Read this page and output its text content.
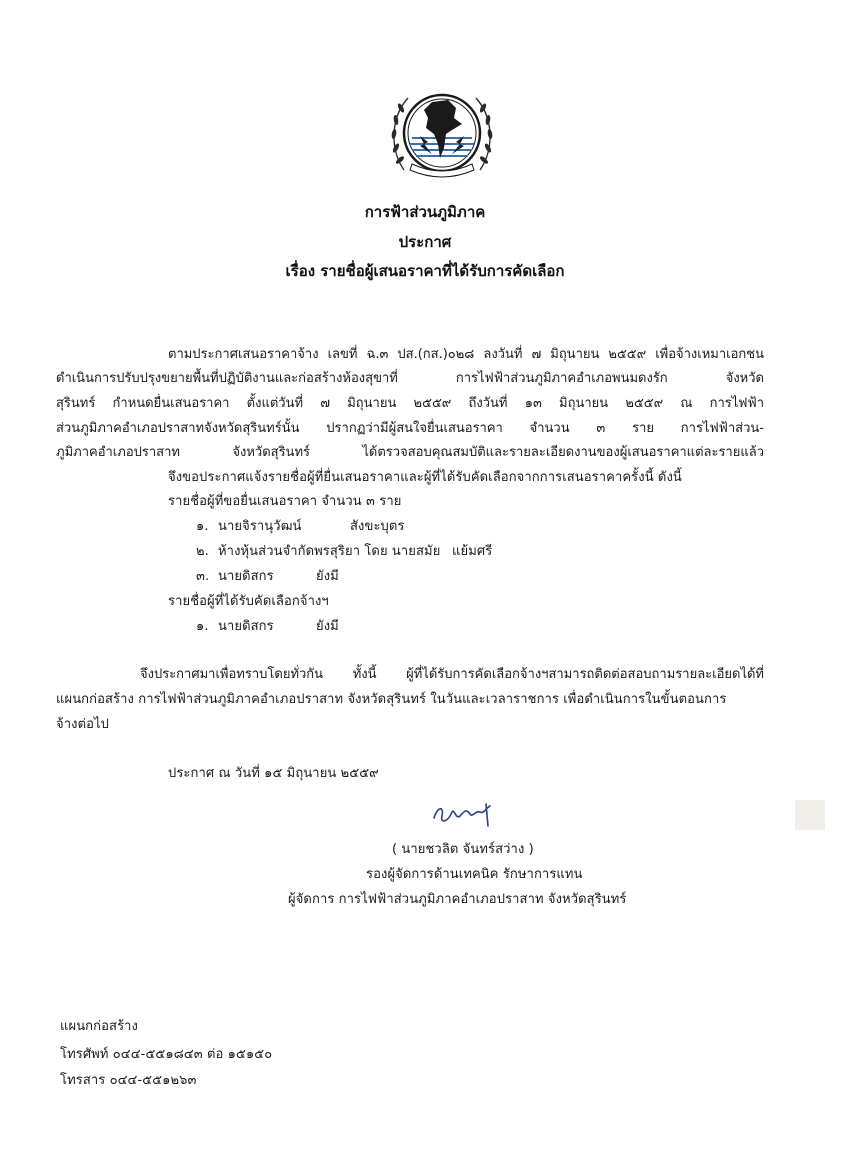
การฟ้าส่วนภูมิภาค
ประกาศ
เรื่อง รายชื่อผู้เสนอราคาที่ได้รับการคัดเลือก
ตามประกาศเสนอราคาจ้าง เลขที่ ฉ.๓ ปส.(กส.)๐๒๘ ลงวันที่ ๗ มิถุนายน ๒๕๕๙ เพื่อจ้างเหมาเอกชน
ดำเนินการปรับปรุงขยายพื้นที่ปฏิบัติงานและก่อสร้างห้องสุขาที่ การไฟฟ้าส่วนภูมิภาคอำเภอพนมดงรัก จังหวัด
สุรินทร์ กำหนดยื่นเสนอราคา ตั้งแต่วันที่ ๗ มิถุนายน ๒๕๕๙ ถึงวันที่ ๑๓ มิถุนายน ๒๕๕๙ ณ การไฟฟ้า
ส่วนภูมิภาคอำเภอปราสาทจังหวัดสุรินทร์นั้น ปรากฏว่ามีผู้สนใจยื่นเสนอราคา จำนวน ๓ ราย การไฟฟ้าส่วน-
ภูมิภาคอำเภอปราสาท จังหวัดสุรินทร์ ได้ตรวจสอบคุณสมบัติและรายละเอียดงานของผู้เสนอราคาแต่ละรายแล้ว
จึงขอประกาศแจ้งรายชื่อผู้ที่ยื่นเสนอราคาและผู้ที่ได้รับคัดเลือกจากการเสนอราคาครั้งนี้ ดังนี้
รายชื่อผู้ที่ขอยื่นเสนอราคา จำนวน ๓ ราย
๑. นายจิรานุวัฒน์	สังขะบุตร
๒. ห้างหุ้นส่วนจำกัดพรสุริยา โดย นายสมัย แย้มศรี
๓. นายดิสกร	ยังมี
รายชื่อผู้ที่ได้รับคัดเลือกจ้างฯ
๑. นายดิสกร	ยังมี
จึงประกาศมาเพื่อทราบโดยทั่วกัน ทั้งนี้ ผู้ที่ได้รับการคัดเลือกจ้างฯสามารถติดต่อสอบถามรายละเอียดได้ที่
แผนกก่อสร้าง การไฟฟ้าส่วนภูมิภาคอำเภอปราสาท จังหวัดสุรินทร์ ในวันและเวลาราชการ เพื่อดำเนินการในขั้นตอนการ
จ้างต่อไป
ประกาศ ณ วันที่ ๑๕ มิถุนายน ๒๕๕๙
( นายชวลิต จันทร์สว่าง )
รองผู้จัดการด้านเทคนิค รักษาการแทน
ผู้จัดการ การไฟฟ้าส่วนภูมิภาคอำเภอปราสาท จังหวัดสุรินทร์
แผนกก่อสร้าง
โทรศัพท์ ๐๔๔-๕๕๑๘๔๓ ต่อ ๑๕๑๕๐
โทรสาร ๐๔๔-๕๕๑๒๖๓
